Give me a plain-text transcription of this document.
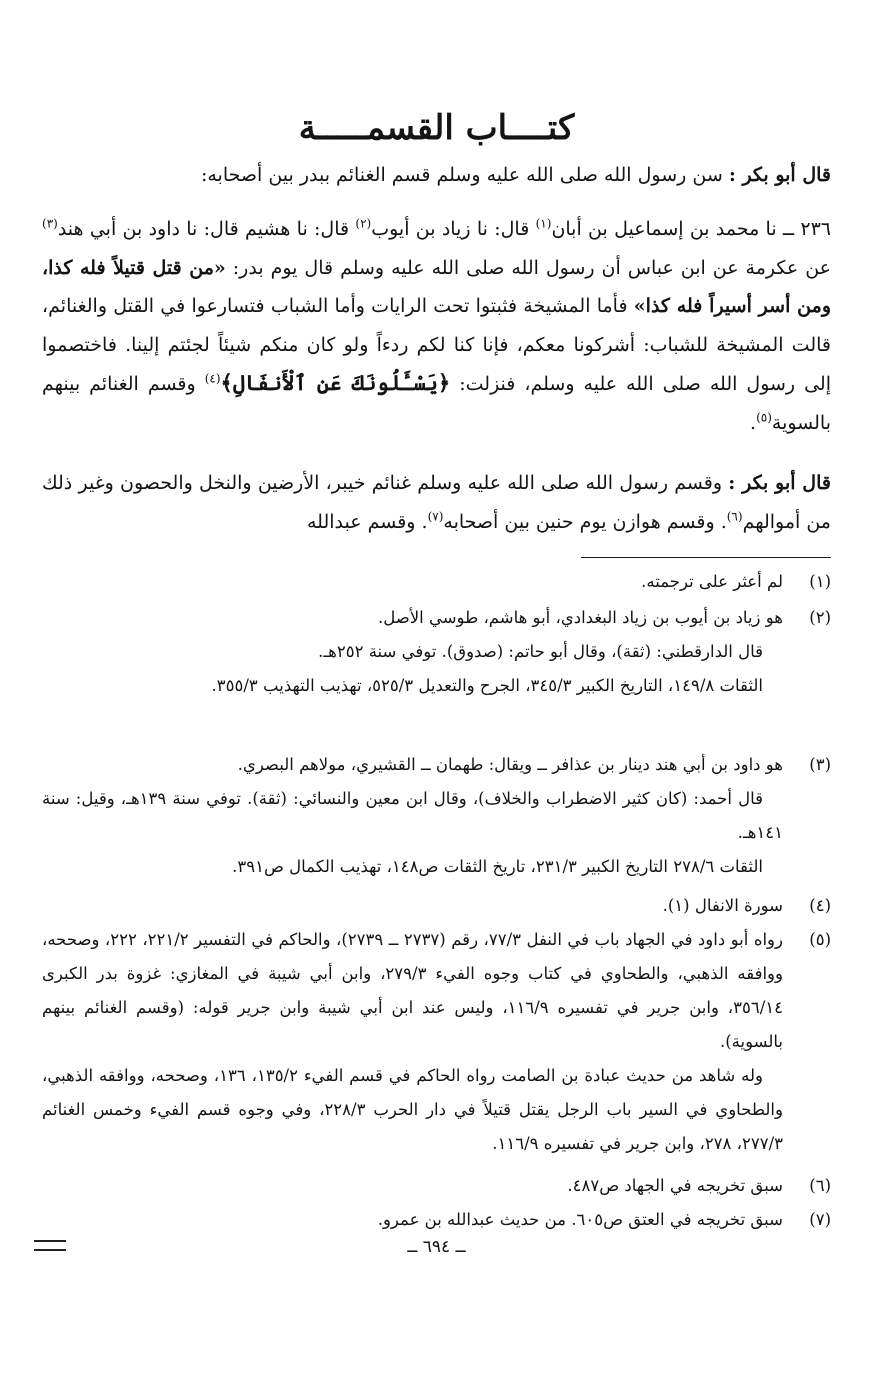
كتــــاب القسمـــــة
قال أبو بكر : سن رسول الله صلى الله عليه وسلم قسم الغنائم ببدر بين أصحابه:
٢٣٦ ــ نا محمد بن إسماعيل بن أبان$^{(١)}$ قال: نا زياد بن أيوب$^{(٢)}$ قال: نا هشيم قال: نا داود بن أبي هند$^{(٣)}$ عن عكرمة عن ابن عباس أن رسول الله صلى الله عليه وسلم قال يوم بدر: «من قتل قتيلاً فله كذا، ومن أسر أسيراً فله كذا» فأما المشيخة فثبتوا تحت الرايات وأما الشباب فتسارعوا في القتل والغنائم، قالت المشيخة للشباب: أشركونا معكم، فإنا كنا لكم ردءاً ولو كان منكم شيئاً لجئتم إلينا. فاختصموا إلى رسول الله صلى الله عليه وسلم، فنزلت: ﴿يَسْـَٔلُونَكَ عَنِ ٱلْأَنفَالِ﴾$^{(٤)}$ وقسم الغنائم بينهم بالسوية$^{(٥)}$.
قال أبو بكر : وقسم رسول الله صلى الله عليه وسلم غنائم خيبر، الأرضين والنخل والحصون وغير ذلك من أموالهم$^{(٦)}$. وقسم هوازن يوم حنين بين أصحابه$^{(٧)}$. وقسم عبدالله
(١)
لم أعثر على ترجمته.
(٢)
هو زياد بن أيوب بن زياد البغدادي، أبو هاشم، طوسي الأصل.
قال الدارقطني: (ثقة)، وقال أبو حاتم: (صدوق). توفي سنة ٢٥٢هـ.
الثقات ١٤٩/٨، التاريخ الكبير ٣٤٥/٣، الجرح والتعديل ٥٢٥/٣، تهذيب التهذيب ٣٥٥/٣.
(٣)
هو داود بن أبي هند دينار بن عذافر ــ ويقال: طهمان ــ القشيري، مولاهم البصري.
قال أحمد: (كان كثير الاضطراب والخلاف)، وقال ابن معين والنسائي: (ثقة). توفي سنة ١٣٩هـ، وقيل: سنة ١٤١هـ.
الثقات ٢٧٨/٦ التاريخ الكبير ٢٣١/٣، تاريخ الثقات ص١٤٨، تهذيب الكمال ص٣٩١.
(٤)
سورة الانفال (١).
(٥)
رواه أبو داود في الجهاد باب في النفل ٧٧/٣، رقم (٢٧٣٧ ــ ٢٧٣٩)، والحاكم في التفسير ٢٢١/٢، ٢٢٢، وصححه، ووافقه الذهبي، والطحاوي في كتاب وجوه الفيء ٢٧٩/٣، وابن أبي شيبة في المغازي: غزوة بدر الكبرى ٣٥٦/١٤، وابن جرير في تفسيره ١١٦/٩، وليس عند ابن أبي شيبة وابن جرير قوله: (وقسم الغنائم بينهم بالسوية).
وله شاهد من حديث عبادة بن الصامت رواه الحاكم في قسم الفيء ١٣٥/٢، ١٣٦، وصححه، ووافقه الذهبي، والطحاوي في السير باب الرجل يقتل قتيلاً في دار الحرب ٢٢٨/٣، وفي وجوه قسم الفيء وخمس الغنائم ٢٧٧/٣، ٢٧٨، وابن جرير في تفسيره ١١٦/٩.
(٦)
سبق تخريجه في الجهاد ص٤٨٧.
(٧)
سبق تخريجه في العتق ص٦٠٥. من حديث عبدالله بن عمرو.
ــ ٦٩٤ ــ
